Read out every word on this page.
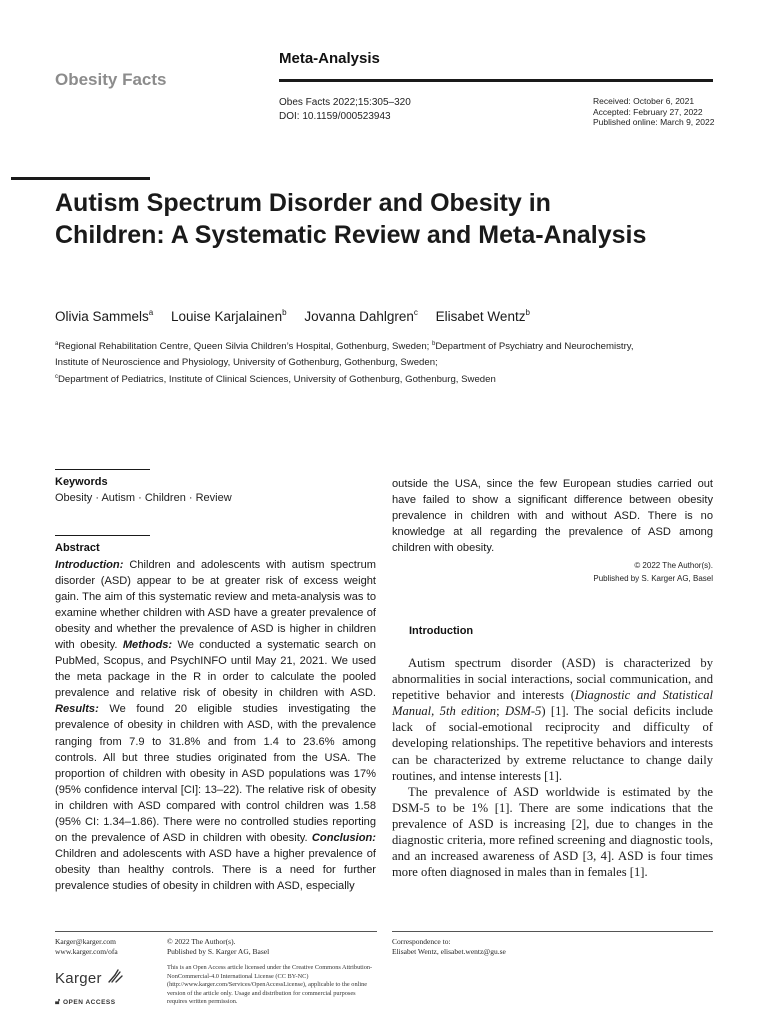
Obesity Facts
Meta-Analysis
Obes Facts 2022;15:305–320
DOI: 10.1159/000523943
Received: October 6, 2021
Accepted: February 27, 2022
Published online: March 9, 2022
Autism Spectrum Disorder and Obesity in Children: A Systematic Review and Meta-Analysis
Olivia Sammels$^a$ Louise Karjalainen$^b$ Jovanna Dahlgren$^c$ Elisabet Wentz$^b$
$^a$Regional Rehabilitation Centre, Queen Silvia Children’s Hospital, Gothenburg, Sweden; $^b$Department of Psychiatry and Neurochemistry, Institute of Neuroscience and Physiology, University of Gothenburg, Gothenburg, Sweden;
$^c$Department of Pediatrics, Institute of Clinical Sciences, University of Gothenburg, Gothenburg, Sweden
Keywords
Obesity · Autism · Children · Review
Abstract
Introduction: Children and adolescents with autism spectrum disorder (ASD) appear to be at greater risk of excess weight gain. The aim of this systematic review and meta-analysis was to examine whether children with ASD have a greater prevalence of obesity and whether the prevalence of ASD is higher in children with obesity. Methods: We conducted a systematic search on PubMed, Scopus, and PsychINFO until May 21, 2021. We used the meta package in the R in order to calculate the pooled prevalence and relative risk of obesity in children with ASD. Results: We found 20 eligible studies investigating the prevalence of obesity in children with ASD, with the prevalence ranging from 7.9 to 31.8% and from 1.4 to 23.6% among controls. All but three studies originated from the USA. The proportion of children with obesity in ASD populations was 17% (95% confidence interval [CI]: 13–22). The relative risk of obesity in children with ASD compared with control children was 1.58 (95% CI: 1.34–1.86). There were no controlled studies reporting on the prevalence of ASD in children with obesity. Conclusion: Children and adolescents with ASD have a higher prevalence of obesity than healthy controls. There is a need for further prevalence studies of obesity in children with ASD, especially
outside the USA, since the few European studies carried out have failed to show a significant difference between obesity prevalence in children with and without ASD. There is no knowledge at all regarding the prevalence of ASD among children with obesity.
© 2022 The Author(s).
Published by S. Karger AG, Basel
Introduction

Autism spectrum disorder (ASD) is characterized by abnormalities in social interactions, social communication, and repetitive behavior and interests (Diagnostic and Statistical Manual, 5th edition; DSM-5) [1]. The social deficits include lack of social-emotional reciprocity and difficulty of developing relationships. The repetitive behaviors and interests can be characterized by extreme reluctance to change daily routines, and intense interests [1].

The prevalence of ASD worldwide is estimated by the DSM-5 to be 1% [1]. There are some indications that the prevalence of ASD is increasing [2], due to changes in the diagnostic criteria, more refined screening and diagnostic tools, and an increased awareness of ASD [3, 4]. ASD is four times more often diagnosed in males than in females [1].

Karger@karger.com
www.karger.com/ofa
© 2022 The Author(s).
Published by S. Karger AG, Basel
This is an Open Access article licensed under the Creative Commons Attribution-NonCommercial-4.0 International License (CC BY-NC) (http://www.karger.com/Services/OpenAccessLicense), applicable to the online version of the article only. Usage and distribution for commercial purposes requires written permission.
Karger
🔓︎ OPEN ACCESS
Correspondence to:
Elisabet Wentz, elisabet.wentz@gu.se
